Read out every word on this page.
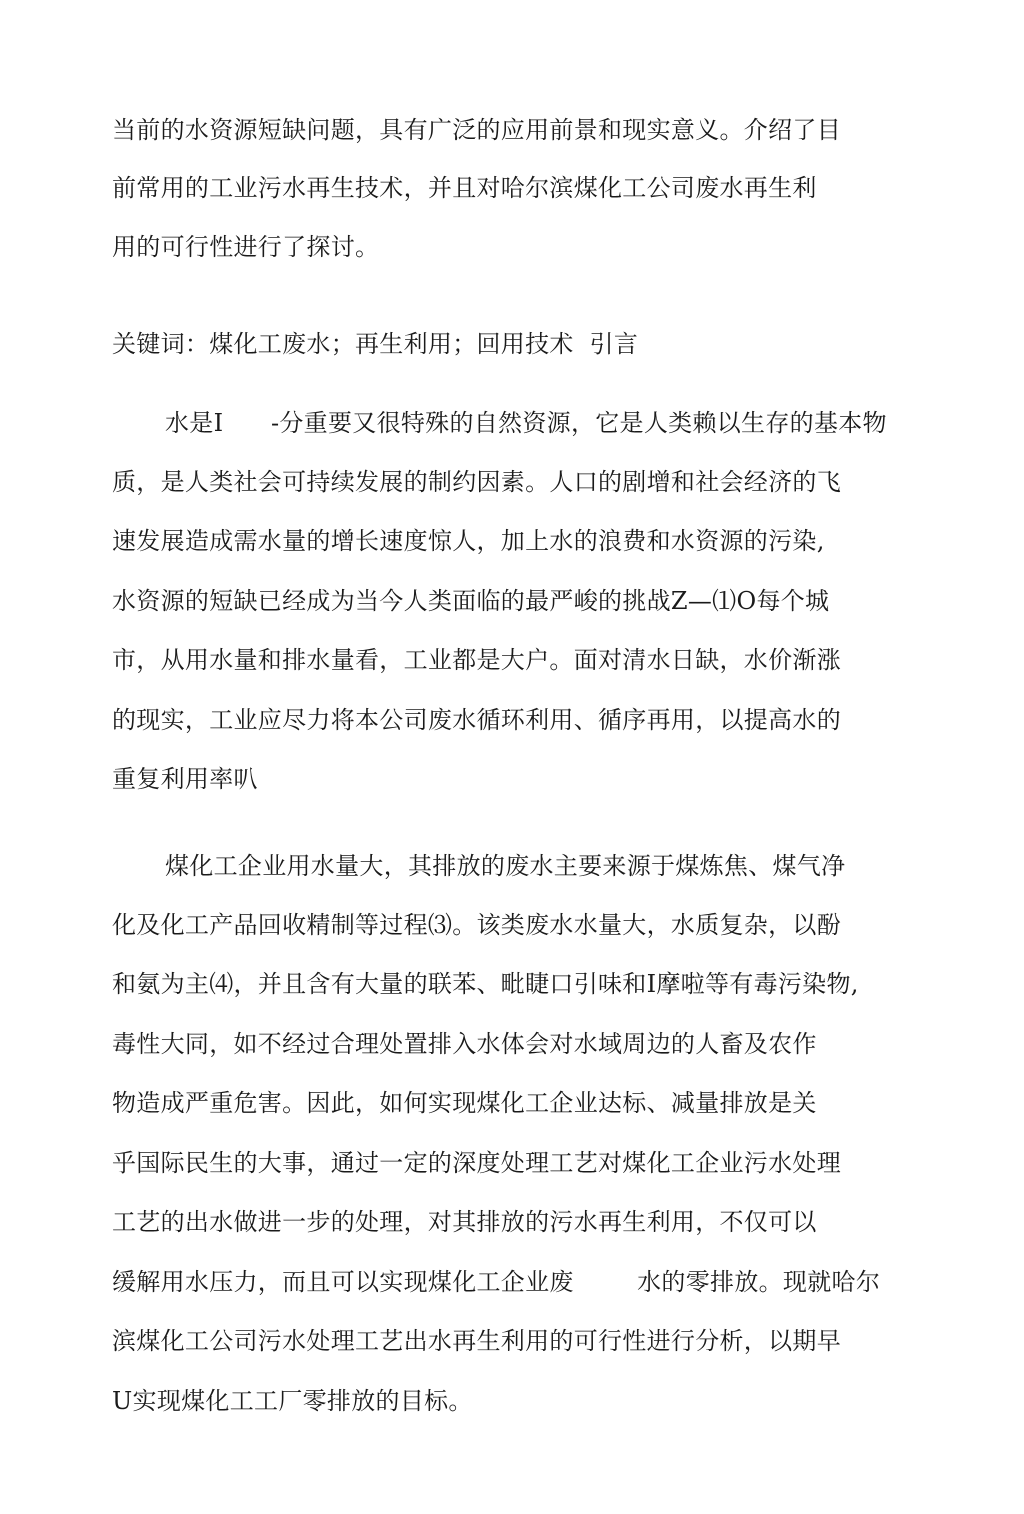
当前的水资源短缺问题，具有广泛的应用前景和现实意义。介绍了目
前常用的工业污水再生技术，并且对哈尔滨煤化工公司废水再生利
用的可行性进行了探讨。
关键词：煤化工废水；再生利用；回用技术  引言
水是I      -分重要又很特殊的自然资源，它是人类赖以生存的基本物
质，是人类社会可持续发展的制约因素。人口的剧增和社会经济的飞
速发展造成需水量的增长速度惊人，加上水的浪费和水资源的污染,
水资源的短缺已经成为当今人类面临的最严峻的挑战Z—⑴O每个城
市，从用水量和排水量看，工业都是大户。面对清水日缺，水价渐涨
的现实，工业应尽力将本公司废水循环利用、循序再用，以提高水的
重复利用率叭
煤化工企业用水量大，其排放的废水主要来源于煤炼焦、煤气净
化及化工产品回收精制等过程⑶。该类废水水量大，水质复杂，以酚
和氨为主⑷，并且含有大量的联苯、毗睫口引味和I摩啦等有毒污染物,
毒性大同，如不经过合理处置排入水体会对水域周边的人畜及农作
物造成严重危害。因此，如何实现煤化工企业达标、减量排放是关
乎国际民生的大事，通过一定的深度处理工艺对煤化工企业污水处理
工艺的出水做进一步的处理，对其排放的污水再生利用，不仅可以
缓解用水压力，而且可以实现煤化工企业废        水的零排放。现就哈尔
滨煤化工公司污水处理工艺出水再生利用的可行性进行分析，以期早
U实现煤化工工厂零排放的目标。
